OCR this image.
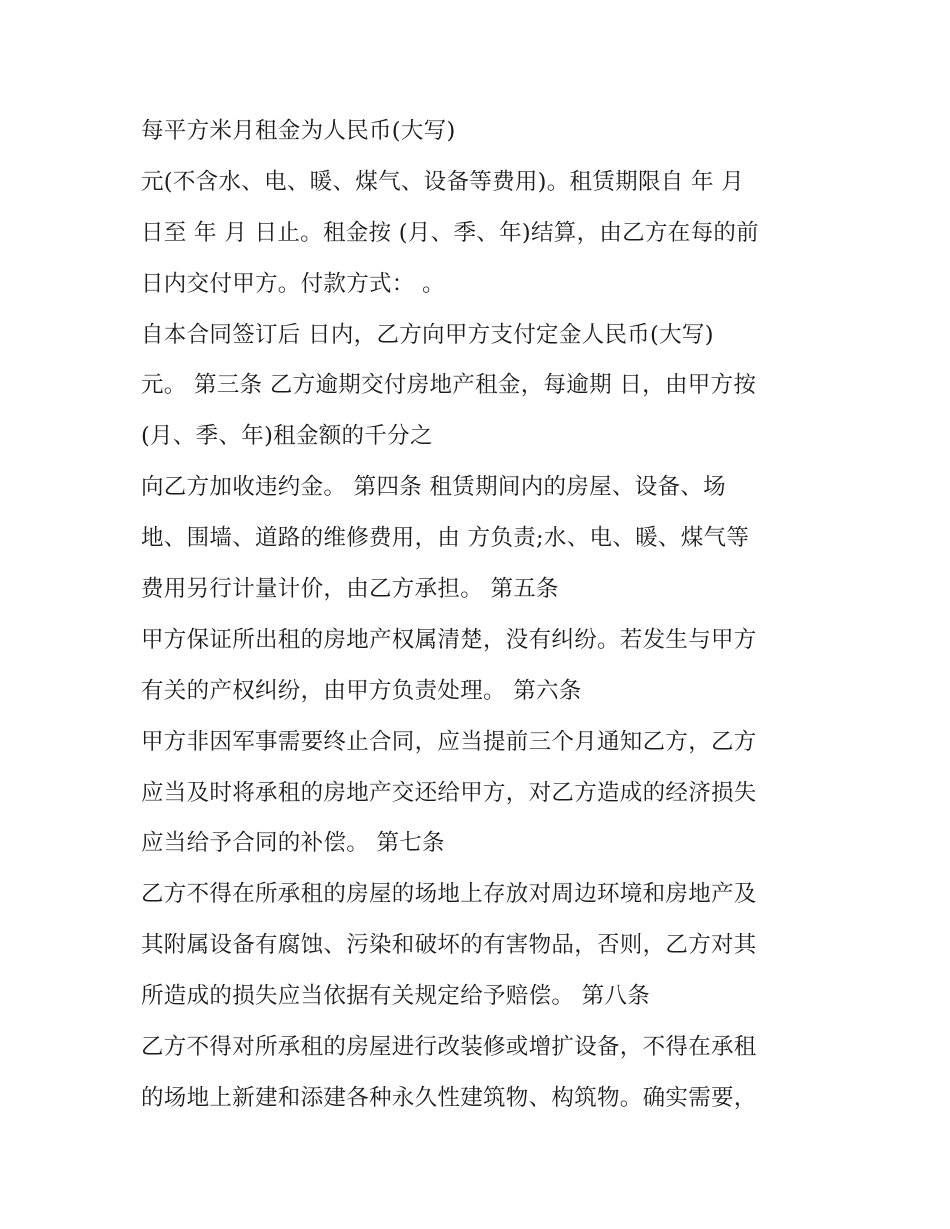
每平方米月租金为人民币(大写)
元(不含水、电、暖、煤气、设备等费用)。租赁期限自 年 月
日至 年 月 日止。租金按 (月、季、年)结算，由乙方在每的前
日内交付甲方。付款方式： 。
自本合同签订后 日内，乙方向甲方支付定金人民币(大写)
元。 第三条 乙方逾期交付房地产租金，每逾期 日，由甲方按
(月、季、年)租金额的千分之
向乙方加收违约金。 第四条 租赁期间内的房屋、设备、场
地、围墙、道路的维修费用，由 方负责;水、电、暖、煤气等
费用另行计量计价，由乙方承担。 第五条
甲方保证所出租的房地产权属清楚，没有纠纷。若发生与甲方
有关的产权纠纷，由甲方负责处理。 第六条
甲方非因军事需要终止合同，应当提前三个月通知乙方，乙方
应当及时将承租的房地产交还给甲方，对乙方造成的经济损失
应当给予合同的补偿。 第七条
乙方不得在所承租的房屋的场地上存放对周边环境和房地产及
其附属设备有腐蚀、污染和破坏的有害物品，否则，乙方对其
所造成的损失应当依据有关规定给予赔偿。 第八条
乙方不得对所承租的房屋进行改装修或增扩设备，不得在承租
的场地上新建和添建各种永久性建筑物、构筑物。确实需要，
